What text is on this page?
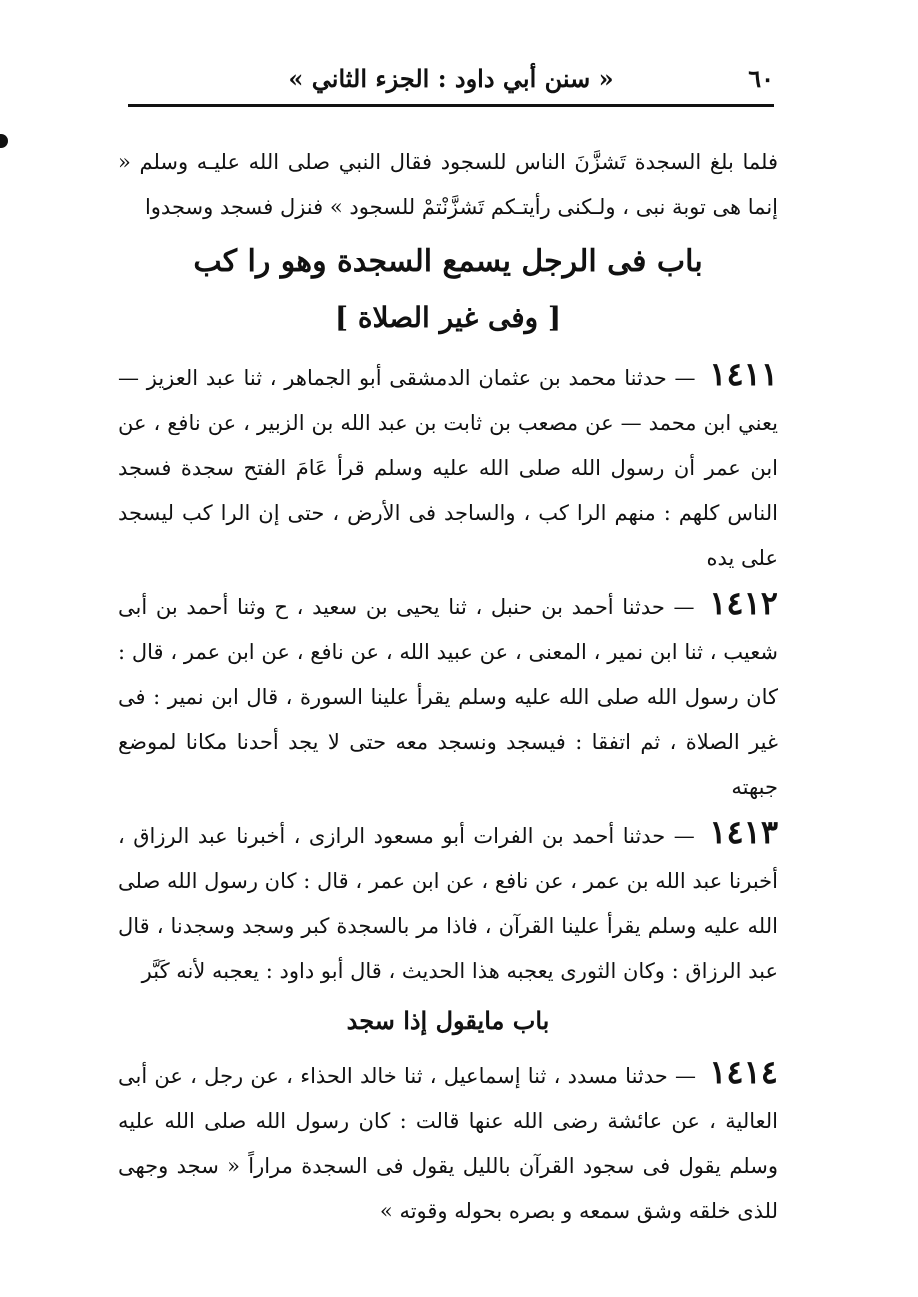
٦٠
« سنن أبي داود : الجزء الثاني »

فلما بلغ السجدة تَشزَّنَ الناس للسجود فقال النبي صلى الله عليـه وسلم « إنما هى توبة نبى ، ولـكنى رأيتـكم تَشزَّنْتمْ للسجود » فنزل فسجد وسجدوا

باب فى الرجل يسمع السجدة وهو را كب
[ وفى غير الصلاة ]

١٤١١ — حدثنا محمد بن عثمان الدمشقى أبو الجماهر ، ثنا عبد العزيز — يعني ابن محمد — عن مصعب بن ثابت بن عبد الله بن الزبير ، عن نافع ، عن ابن عمر أن رسول الله صلى الله عليه وسلم قرأ عَامَ الفتح سجدة فسجد الناس كلهم : منهم الرا كب ، والساجد فى الأرض ، حتى إن الرا كب ليسجد على يده

١٤١٢ — حدثنا أحمد بن حنبل ، ثنا يحيى بن سعيد ، ح وثنا أحمد بن أبى شعيب ، ثنا ابن نمير ، المعنى ، عن عبيد الله ، عن نافع ، عن ابن عمر ، قال : كان رسول الله صلى الله عليه وسلم يقرأ علينا السورة ، قال ابن نمير : فى غير الصلاة ، ثم اتفقا : فيسجد ونسجد معه حتى لا يجد أحدنا مكانا لموضع جبهته

١٤١٣ — حدثنا أحمد بن الفرات أبو مسعود الرازى ، أخبرنا عبد الرزاق ، أخبرنا عبد الله بن عمر ، عن نافع ، عن ابن عمر ، قال : كان رسول الله صلى الله عليه وسلم يقرأ علينا القرآن ، فاذا مر بالسجدة كبر وسجد وسجدنا ، قال عبد الرزاق : وكان الثورى يعجبه هذا الحديث ، قال أبو داود : يعجبه لأنه كَبَّر

باب مايقول إذا سجد

١٤١٤ — حدثنا مسدد ، ثنا إسماعيل ، ثنا خالد الحذاء ، عن رجل ، عن أبى العالية ، عن عائشة رضى الله عنها قالت : كان رسول الله صلى الله عليه وسلم يقول فى سجود القرآن بالليل يقول فى السجدة مراراً « سجد وجهى للذى خلقه وشق سمعه و بصره بحوله وقوته »
